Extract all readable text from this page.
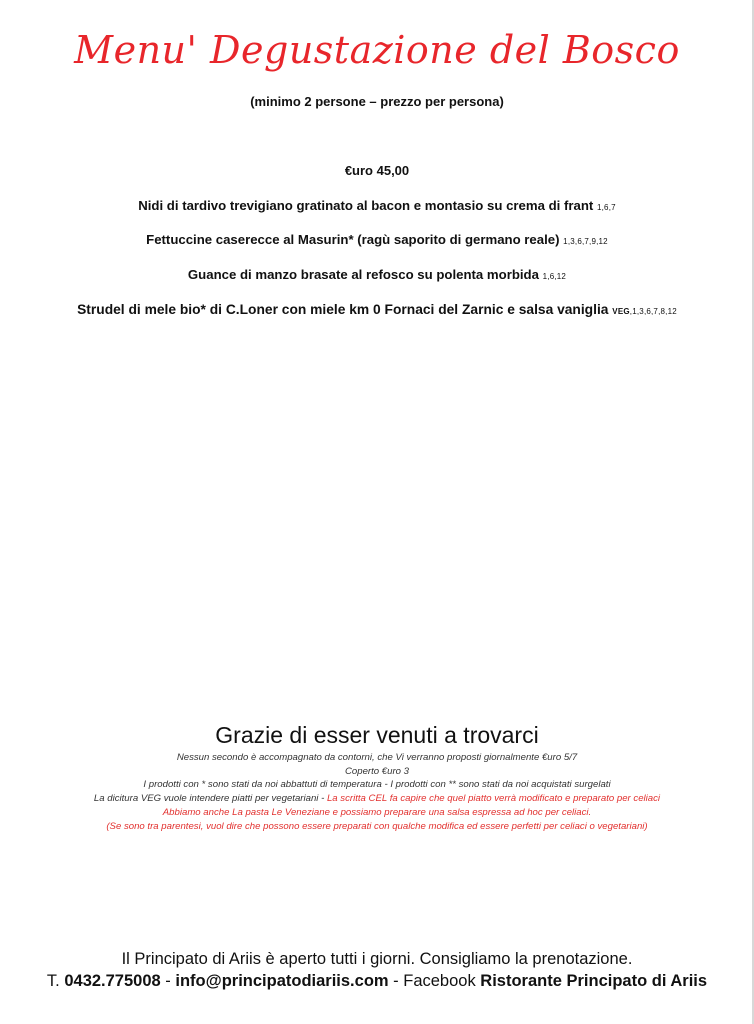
Menu' Degustazione del Bosco
(minimo 2 persone – prezzo per persona)
€uro 45,00
Nidi di tardivo trevigiano gratinato al bacon e montasio su crema di frant 1,6,7
Fettuccine caserecce al Masurin* (ragù saporito di germano reale) 1,3,6,7,9,12
Guance di manzo brasate al refosco su polenta morbida 1,6,12
Strudel di mele bio* di C.Loner con miele km 0 Fornaci del Zarnic e salsa vaniglia VEG,1,3,6,7,8,12
Grazie di esser venuti a trovarci
Nessun secondo è accompagnato da contorni, che Vi verranno proposti giornalmente €uro 5/7
Coperto €uro 3
I prodotti con * sono stati da noi abbattuti di temperatura - I prodotti con ** sono stati da noi acquistati surgelati
La dicitura VEG vuole intendere piatti per vegetariani - La scritta CEL fa capire che quel piatto verrà modificato e preparato per celiaci
Abbiamo anche La pasta Le Veneziane e possiamo preparare una salsa espressa ad hoc per celiaci.
(Se sono tra parentesi, vuol dire che possono essere preparati con qualche modifica ed essere perfetti per celiaci o vegetariani)
Il Principato di Ariis è aperto tutti i giorni. Consigliamo la prenotazione.
T. 0432.775008 - info@principatodiariis.com - Facebook Ristorante Principato di Ariis
